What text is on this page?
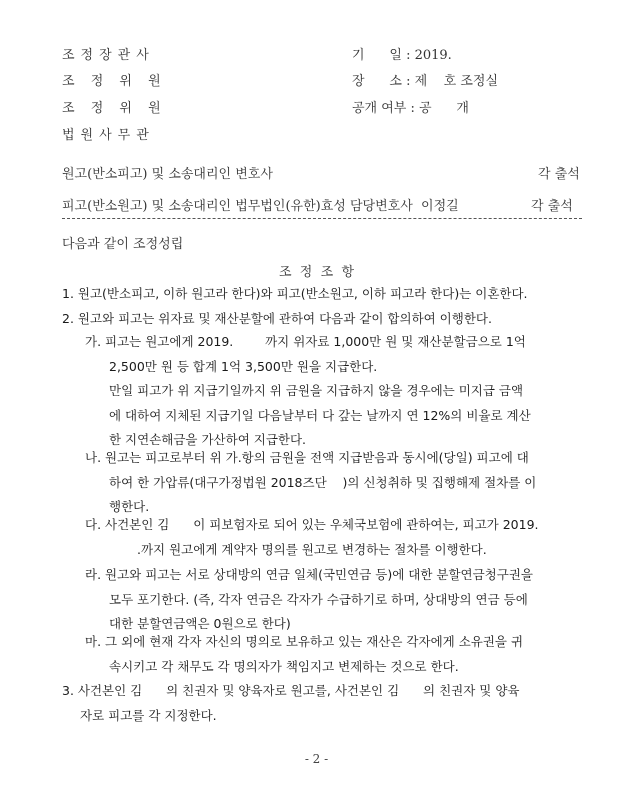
조정장관사
조 정 위 원
조 정 위 원
법원사무관
기      일 : 2019.
장      소 : 제    호 조정실
공개 여부 : 공      개
원고(반소피고) 및 소송대리인 변호사	각 출석
피고(반소원고) 및 소송대리인 법무법인(유한)효성 담당변호사  이정길	각 출석
다음과 같이 조정성립
조  정  조  항
1. 원고(반소피고, 이하 원고라 한다)와 피고(반소원고, 이하 피고라 한다)는 이혼한다.
2. 원고와 피고는 위자료 및 재산분할에 관하여 다음과 같이 합의하여 이행한다.
가. 피고는 원고에게 2019.        까지 위자료 1,000만 원 및 재산분할금으로 1억
2,500만 원 등 합계 1억 3,500만 원을 지급한다.
만일 피고가 위 지급기일까지 위 금원을 지급하지 않을 경우에는 미지급 금액
에 대하여 지체된 지급기일 다음날부터 다 갚는 날까지 연 12%의 비율로 계산
한 지연손해금을 가산하여 지급한다.
나. 원고는 피고로부터 위 가.항의 금원을 전액 지급받음과 동시에(당일) 피고에 대
하여 한 가압류(대구가정법원 2018즈단    )의 신청취하 및 집행해제 절차를 이
행한다.
다. 사건본인 김      이 피보험자로 되어 있는 우체국보험에 관하여는, 피고가 2019.
.까지 원고에게 계약자 명의를 원고로 변경하는 절차를 이행한다.
라. 원고와 피고는 서로 상대방의 연금 일체(국민연금 등)에 대한 분할연금청구권을
모두 포기한다. (즉, 각자 연금은 각자가 수급하기로 하며, 상대방의 연금 등에
대한 분할연금액은 0원으로 한다)
마. 그 외에 현재 각자 자신의 명의로 보유하고 있는 재산은 각자에게 소유권을 귀
속시키고 각 채무도 각 명의자가 책임지고 변제하는 것으로 한다.
3. 사건본인 김      의 친권자 및 양육자로 원고를, 사건본인 김      의 친권자 및 양육
자로 피고를 각 지정한다.
- 2 -
